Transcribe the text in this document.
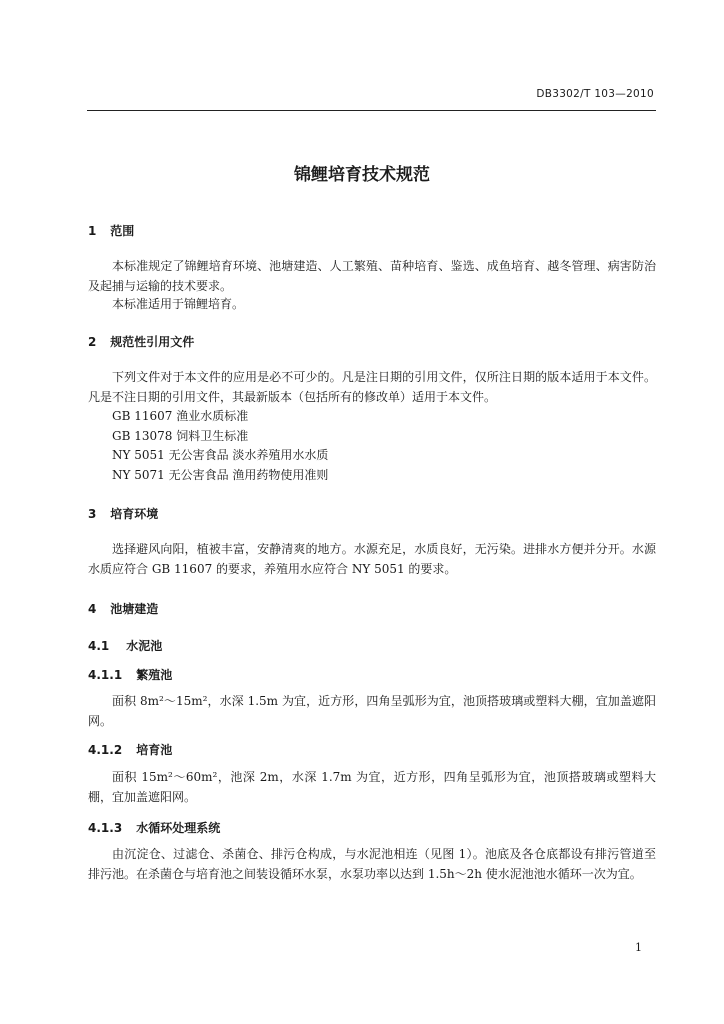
DB3302/T 103—2010
锦鲤培育技术规范
1 范围
本标准规定了锦鲤培育环境、池塘建造、人工繁殖、苗种培育、鉴选、成鱼培育、越冬管理、病害防治及起捕与运输的技术要求。
本标准适用于锦鲤培育。
2 规范性引用文件
下列文件对于本文件的应用是必不可少的。凡是注日期的引用文件，仅所注日期的版本适用于本文件。凡是不注日期的引用文件，其最新版本（包括所有的修改单）适用于本文件。
GB 11607 渔业水质标准
GB 13078 饲料卫生标准
NY 5051 无公害食品 淡水养殖用水水质
NY 5071 无公害食品 渔用药物使用准则
3 培育环境
选择避风向阳，植被丰富，安静清爽的地方。水源充足，水质良好，无污染。进排水方便并分开。水源水质应符合 GB 11607 的要求，养殖用水应符合 NY 5051 的要求。
4 池塘建造
4.1 水泥池
4.1.1 繁殖池
面积 8m²～15m²，水深 1.5m 为宜，近方形，四角呈弧形为宜，池顶搭玻璃或塑料大棚，宜加盖遮阳网。
4.1.2 培育池
面积 15m²～60m²，池深 2m，水深 1.7m 为宜，近方形，四角呈弧形为宜，池顶搭玻璃或塑料大棚，宜加盖遮阳网。
4.1.3 水循环处理系统
由沉淀仓、过滤仓、杀菌仓、排污仓构成，与水泥池相连（见图 1）。池底及各仓底都设有排污管道至排污池。在杀菌仓与培育池之间装设循环水泵，水泵功率以达到 1.5h～2h 使水泥池池水循环一次为宜。
1
